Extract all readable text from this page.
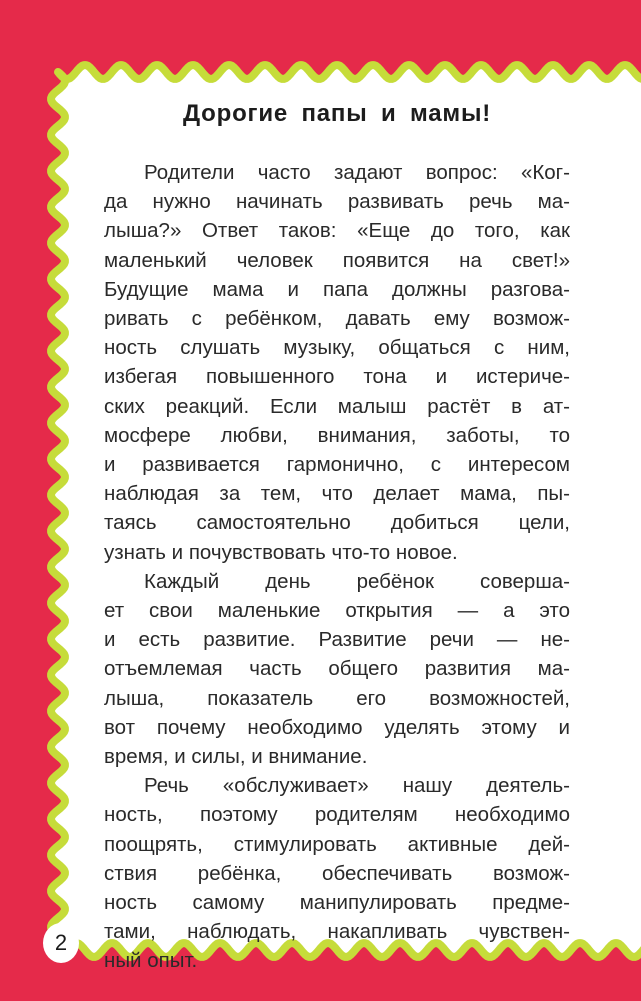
Дорогие папы и мамы!

Родители часто задают вопрос: «Ког-
да нужно начинать развивать речь ма-
лыша?» Ответ таков: «Еще до того, как
маленький человек появится на свет!»
Будущие мама и папа должны разгова-
ривать с ребёнком, давать ему возмож-
ность слушать музыку, общаться с ним,
избегая повышенного тона и истериче-
ских реакций. Если малыш растёт в ат-
мосфере любви, внимания, заботы, то
и развивается гармонично, с интересом
наблюдая за тем, что делает мама, пы-
таясь самостоятельно добиться цели,
узнать и почувствовать что-то новое.

Каждый день ребёнок соверша-
ет свои маленькие открытия — а это
и есть развитие. Развитие речи — не-
отъемлемая часть общего развития ма-
лыша, показатель его возможностей,
вот почему необходимо уделять этому и
время, и силы, и внимание.

Речь «обслуживает» нашу деятель-
ность, поэтому родителям необходимо
поощрять, стимулировать активные дей-
ствия ребёнка, обеспечивать возмож-
ность самому манипулировать предме-
тами, наблюдать, накапливать чувствен-
ный опыт.

2
